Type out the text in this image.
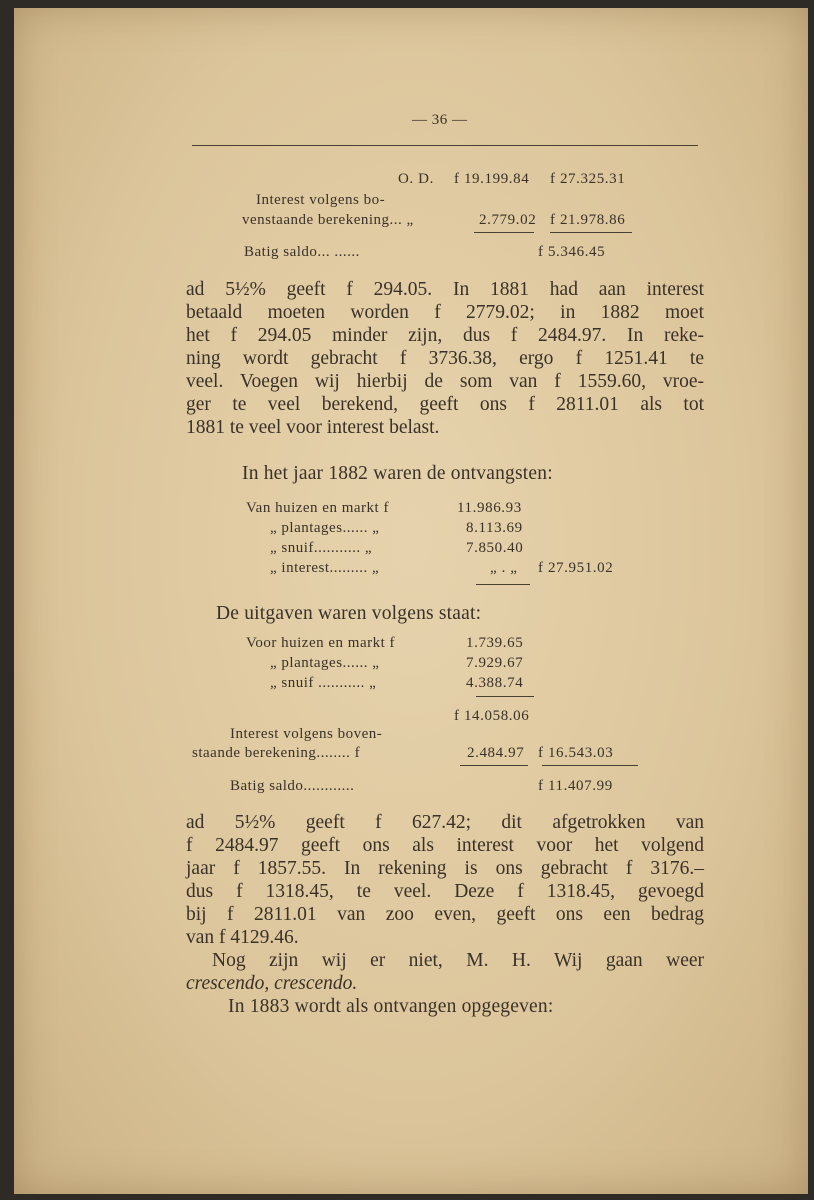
— 36 —
O. D. f 19.199.84 f 27.325.31
Interest volgens bo-
venstaande berekening... „	2.779.02 f 21.978.86
Batig saldo... ......	f 5.346.45
ad 5½% geeft f 294.05. In 1881 had aan interest
betaald moeten worden f 2779.02; in 1882 moet
het f 294.05 minder zijn, dus f 2484.97. In reke-
ning wordt gebracht f 3736.38, ergo f 1251.41 te
veel. Voegen wij hierbij de som van f 1559.60, vroe-
ger te veel berekend, geeft ons f 2811.01 als tot
1881 te veel voor interest belast.
In het jaar 1882 waren de ontvangsten:
Van huizen en markt f	11.986.93
„ plantages...... „	8.113.69
„ snuif........... „	7.850.40
„ interest......... „	„ . „ f 27.951.02
De uitgaven waren volgens staat:
Voor huizen en markt f	1.739.65
„ plantages...... „	7.929.67
„ snuif ........... „	4.388.74
f 14.058.06
Interest volgens boven-
staande berekening........ f	2.484.97 f 16.543.03
Batig saldo............	f 11.407.99
ad 5½% geeft f 627.42; dit afgetrokken van
f 2484.97 geeft ons als interest voor het volgend
jaar f 1857.55. In rekening is ons gebracht f 3176.–
dus f 1318.45, te veel. Deze f 1318.45, gevoegd
bij f 2811.01 van zoo even, geeft ons een bedrag
van f 4129.46.
Nog zijn wij er niet, M. H. Wij gaan weer
crescendo, crescendo.
In 1883 wordt als ontvangen opgegeven:
